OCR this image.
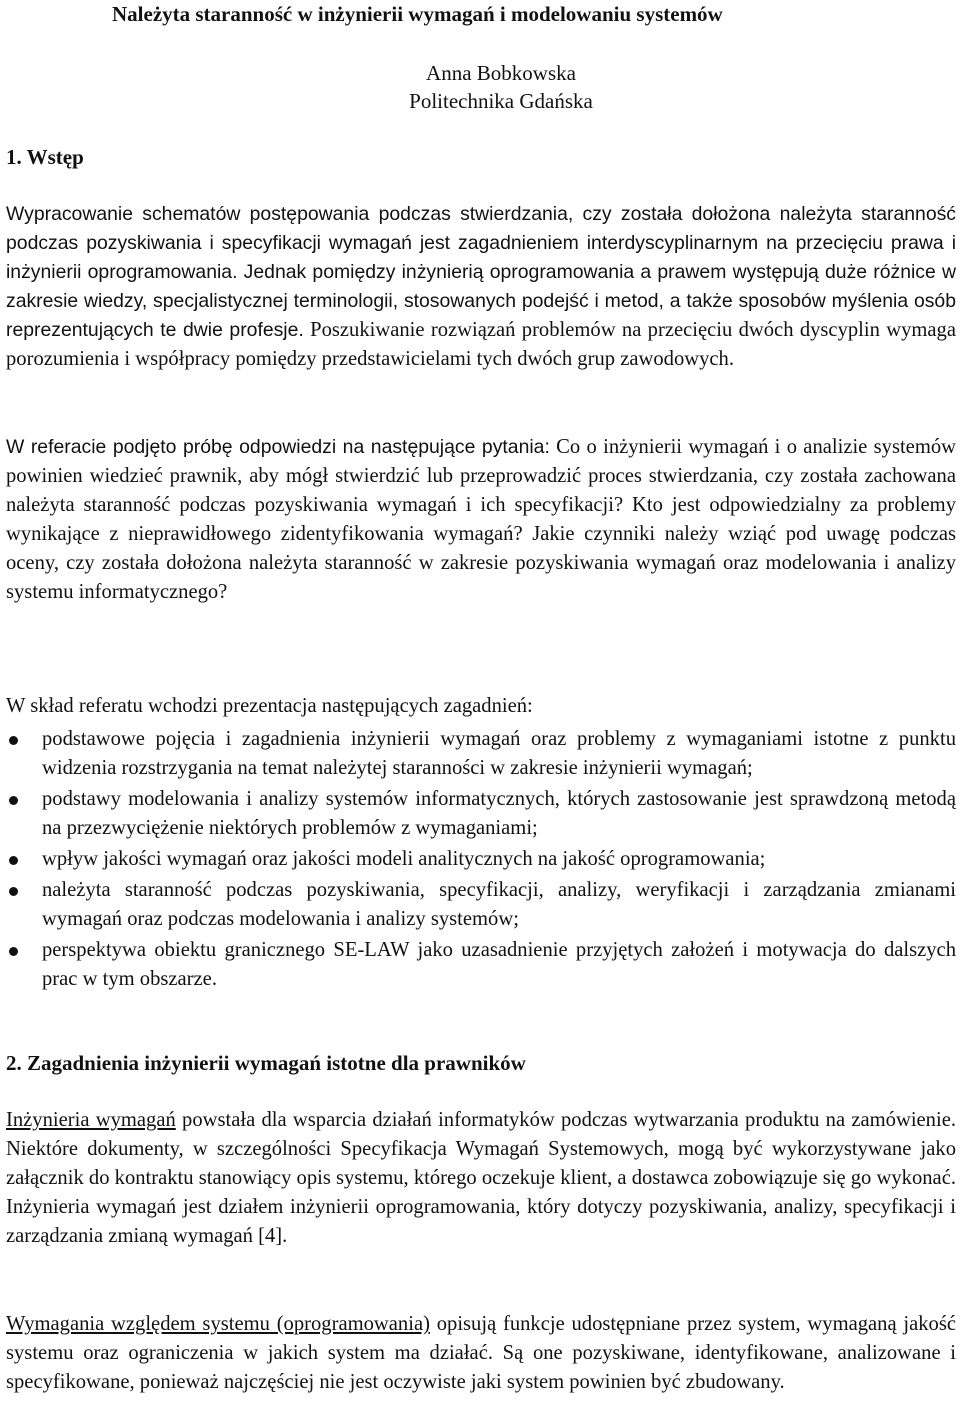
Należyta staranność w inżynierii wymagań i modelowaniu systemów
Anna Bobkowska
Politechnika Gdańska
1. Wstęp

Wypracowanie schematów postępowania podczas stwierdzania, czy została dołożona należyta staranność podczas pozyskiwania i specyfikacji wymagań jest zagadnieniem interdyscyplinarnym na przecięciu prawa i inżynierii oprogramowania. Jednak pomiędzy inżynierią oprogramowania a prawem występują duże różnice w zakresie wiedzy, specjalistycznej terminologii, stosowanych podejść i metod, a także sposobów myślenia osób reprezentujących te dwie profesje. Poszukiwanie rozwiązań problemów na przecięciu dwóch dyscyplin wymaga porozumienia i współpracy pomiędzy przedstawicielami tych dwóch grup zawodowych.

W referacie podjęto próbę odpowiedzi na następujące pytania: Co o inżynierii wymagań i o analizie systemów powinien wiedzieć prawnik, aby mógł stwierdzić lub przeprowadzić proces stwierdzania, czy została zachowana należyta staranność podczas pozyskiwania wymagań i ich specyfikacji? Kto jest odpowiedzialny za problemy wynikające z nieprawidłowego zidentyfikowania wymagań? Jakie czynniki należy wziąć pod uwagę podczas oceny, czy została dołożona należyta staranność w zakresie pozyskiwania wymagań oraz modelowania i analizy systemu informatycznego?

W skład referatu wchodzi prezentacja następujących zagadnień:

podstawowe pojęcia i zagadnienia inżynierii wymagań oraz problemy z wymaganiami istotne z punktu widzenia rozstrzygania na temat należytej staranności w zakresie inżynierii wymagań;
podstawy modelowania i analizy systemów informatycznych, których zastosowanie jest sprawdzoną metodą na przezwyciężenie niektórych problemów z wymaganiami;
wpływ jakości wymagań oraz jakości modeli analitycznych na jakość oprogramowania;
należyta staranność podczas pozyskiwania, specyfikacji, analizy, weryfikacji i zarządzania zmianami wymagań oraz podczas modelowania i analizy systemów;
perspektywa obiektu granicznego SE-LAW jako uzasadnienie przyjętych założeń i motywacja do dalszych prac w tym obszarze.
2. Zagadnienia inżynierii wymagań istotne dla prawników

Inżynieria wymagań powstała dla wsparcia działań informatyków podczas wytwarzania produktu na zamówienie. Niektóre dokumenty, w szczególności Specyfikacja Wymagań Systemowych, mogą być wykorzystywane jako załącznik do kontraktu stanowiący opis systemu, którego oczekuje klient, a dostawca zobowiązuje się go wykonać. Inżynieria wymagań jest działem inżynierii oprogramowania, który dotyczy pozyskiwania, analizy, specyfikacji i zarządzania zmianą wymagań [4].

Wymagania względem systemu (oprogramowania) opisują funkcje udostępniane przez system, wymaganą jakość systemu oraz ograniczenia w jakich system ma działać. Są one pozyskiwane, identyfikowane, analizowane i specyfikowane, ponieważ najczęściej nie jest oczywiste jaki system powinien być zbudowany.
